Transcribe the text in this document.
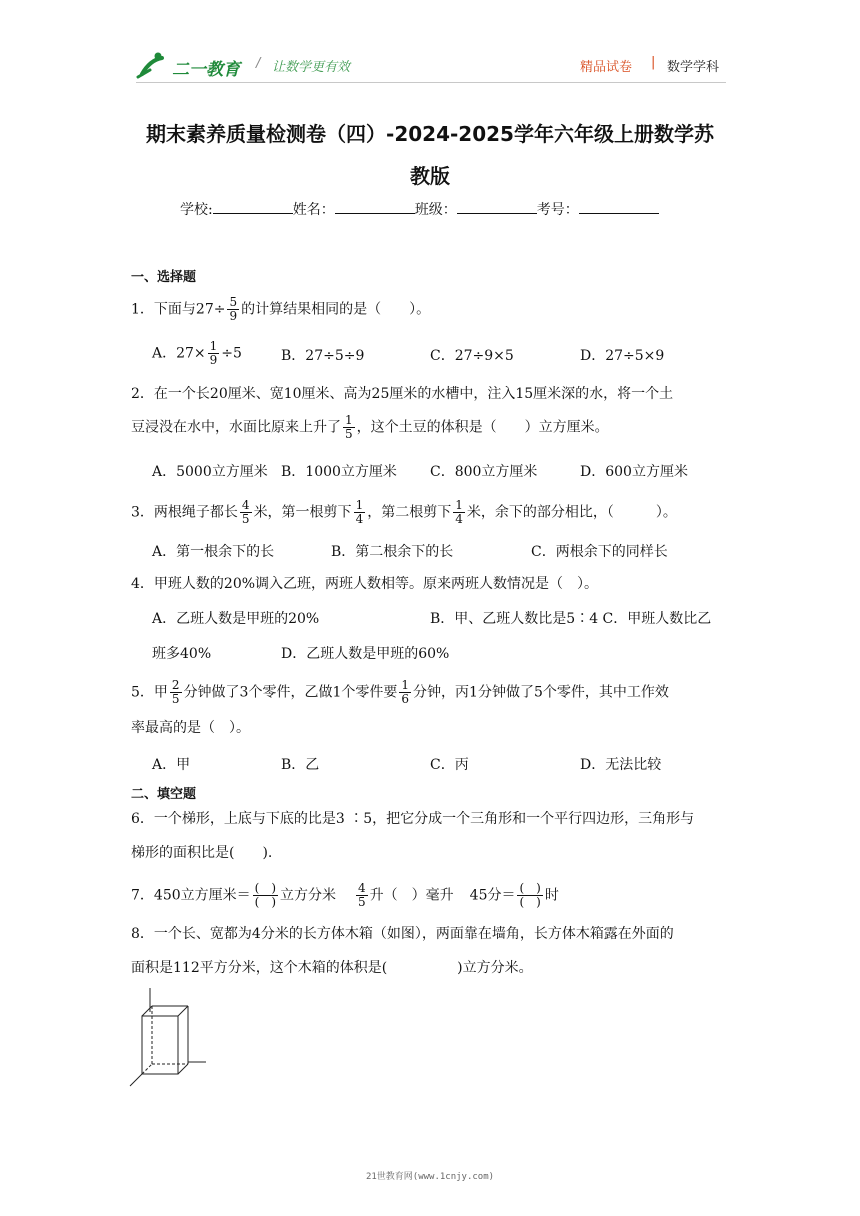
二一教育 / 让数学更有效	精品试卷 | 数学学科
期末素养质量检测卷（四）-2024-2025学年六年级上册数学苏
教版
学校:	姓名：	班级：	考号：
一、选择题
1．下面与$27\div \frac{5}{9}$ 的计算结果相同的是（　　）。
A．$27\times \frac{1}{9} \div 5$	B．27÷5÷9	C．27÷9×5	D．27÷5×9
2．在一个长20厘米、宽10厘米、高为25厘米的水槽中，注入15厘米深的水，将一个土
豆浸没在水中，水面比原来上升了 $\frac{1}{5}$ ，这个土豆的体积是（　　）立方厘米。
A．5000立方厘米 B．1000立方厘米 C．800立方厘米	D．600立方厘米
3．两根绳子都长 $\frac{4}{5}$ 米，第一根剪下 $\frac{1}{4}$ ，第二根剪下 $\frac{1}{4}$ 米，余下的部分相比，（　　　）。
A．第一根余下的长	B．第二根余下的长	C．两根余下的同样长
4．甲班人数的20%调入乙班，两班人数相等。原来两班人数情况是（　）。
A．乙班人数是甲班的20%	B．甲、乙班人数比是5∶4 C．甲班人数比乙
班多40%	D．乙班人数是甲班的60%
5．甲 $\frac{2}{5}$ 分钟做了3个零件，乙做1个零件要 $\frac{1}{6}$ 分钟，丙1分钟做了5个零件，其中工作效
率最高的是（　）。
A．甲	B．乙	C．丙	D．无法比较
二、填空题
6．一个梯形，上底与下底的比是3 ∶5，把它分成一个三角形和一个平行四边形，三角形与
梯形的面积比是(　　).
7．450立方厘米＝ $\frac{( )}{( )}$ 立方分米 $\frac{4}{5}$ 升（　）毫升 45分＝ $\frac{( )}{( )}$ 时
8．一个长、宽都为4分米的长方体木箱（如图），两面靠在墙角，长方体木箱露在外面的
面积是112平方分米，这个木箱的体积是(　　　　　)立方分米。
21世教育网(www.1cnjy.com)
